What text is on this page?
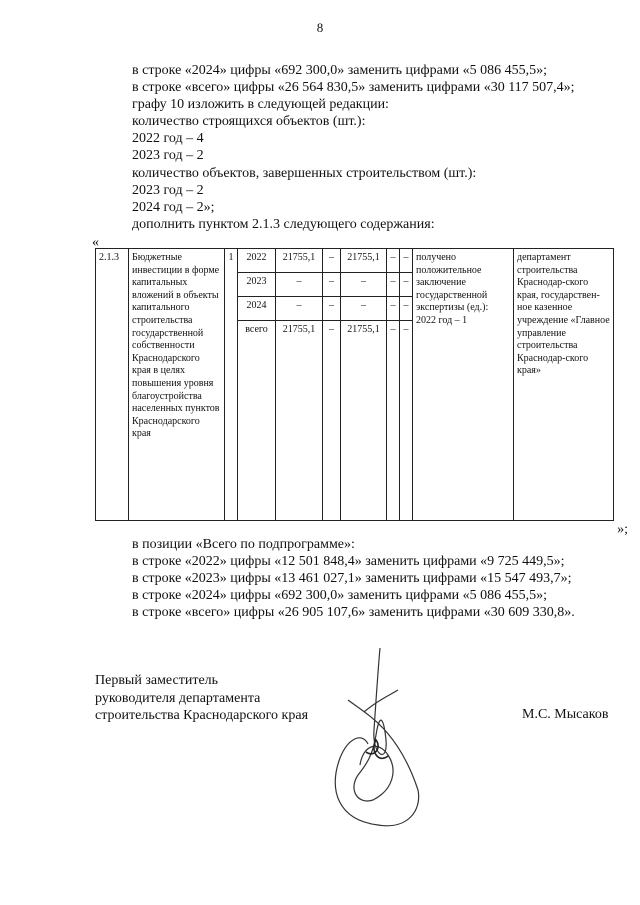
8
в строке «2024» цифры «692 300,0» заменить цифрами «5 086 455,5»;
в строке «всего» цифры «26 564 830,5» заменить цифрами «30 117 507,4»;
графу 10 изложить в следующей редакции:
количество строящихся объектов (шт.):
2022 год – 4
2023 год – 2
количество объектов, завершенных строительством (шт.):
2023 год – 2
2024 год – 2»;
дополнить пунктом 2.1.3 следующего содержания:
«
2.1.3	Бюджетные инвестиции в форме капитальных вложений в объекты капитального строительства государственной собственности Краснодарского края в целях повышения уровня благоустройства населенных пунктов Краснодарского края	1	2022	21755,1	–	21755,1	–	–	получено положительное заключение государственной экспертизы (ед.): 2022 год – 1	департамент строительства Краснодар-ского края, государствен-ное казенное учреждение «Главное управление строительства Краснодар-ского края»
			2023	–	–	–	–	–		
			2024	–	–	–	–	–		
			всего	21755,1	–	21755,1	–	–		
»;
в позиции «Всего по подпрограмме»:
в строке «2022» цифры «12 501 848,4» заменить цифрами «9 725 449,5»;
в строке «2023» цифры «13 461 027,1» заменить цифрами «15 547 493,7»;
в строке «2024» цифры «692 300,0» заменить цифрами «5 086 455,5»;
в строке «всего» цифры «26 905 107,6» заменить цифрами «30 609 330,8».
Первый заместитель
руководителя департамента
строительства Краснодарского края	М.С. Мысаков
